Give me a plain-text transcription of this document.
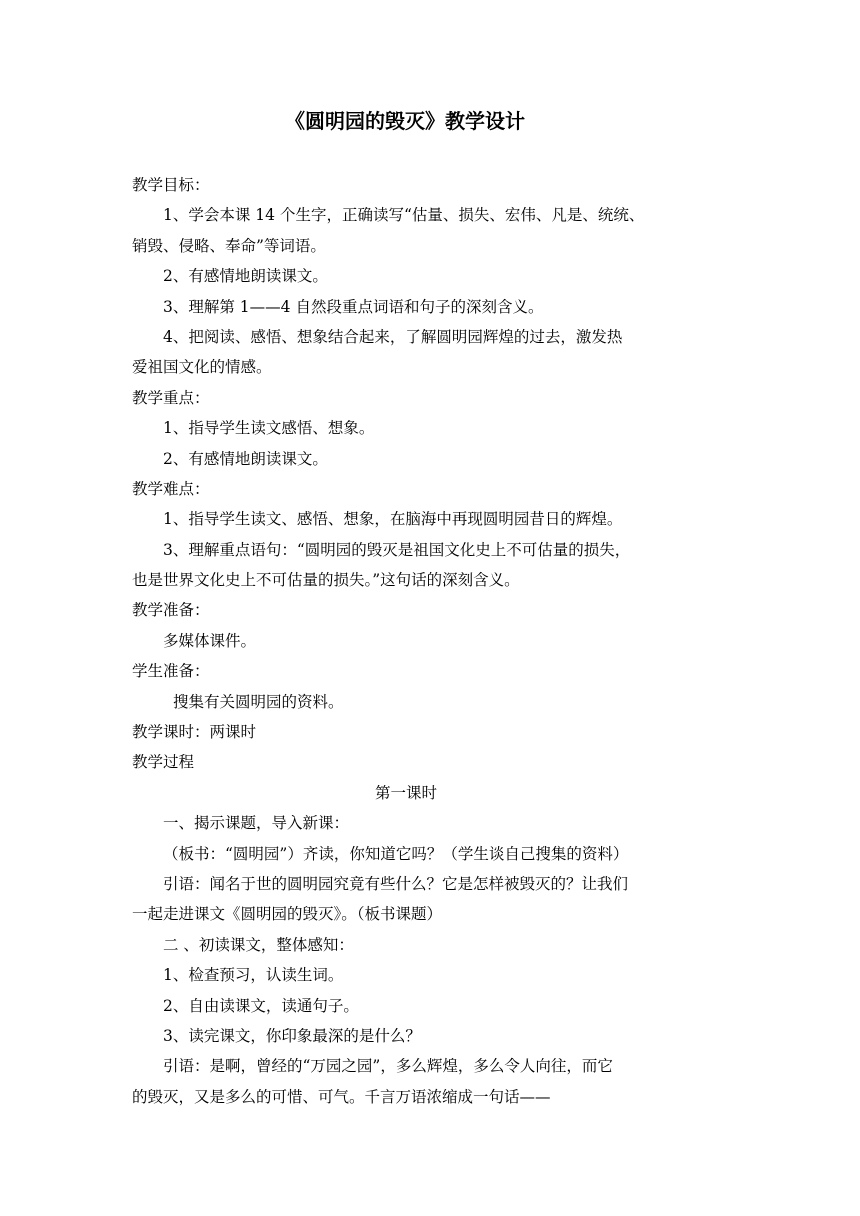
《圆明园的毁灭》教学设计
教学目标：
1、学会本课 14 个生字，正确读写“估量、损失、宏伟、凡是、统统、
销毁、侵略、奉命”等词语。
2、有感情地朗读课文。
3、理解第 1——4 自然段重点词语和句子的深刻含义。
4、把阅读、感悟、想象结合起来，了解圆明园辉煌的过去，激发热
爱祖国文化的情感。
教学重点：
1、指导学生读文感悟、想象。
2、有感情地朗读课文。
教学难点：
1、指导学生读文、感悟、想象，在脑海中再现圆明园昔日的辉煌。
3、理解重点语句：“圆明园的毁灭是祖国文化史上不可估量的损失，
也是世界文化史上不可估量的损失。”这句话的深刻含义。
教学准备：
多媒体课件。
学生准备：
搜集有关圆明园的资料。
教学课时：两课时
教学过程
第一课时
一、揭示课题，导入新课：
（板书：“圆明园”）齐读，你知道它吗？（学生谈自己搜集的资料）
引语：闻名于世的圆明园究竟有些什么？它是怎样被毁灭的？让我们
一起走进课文《圆明园的毁灭》。（板书课题）
二 、初读课文，整体感知：
1、检查预习，认读生词。
2、自由读课文，读通句子。
3、读完课文，你印象最深的是什么？
引语：是啊，曾经的“万园之园”，多么辉煌，多么令人向往，而它
的毁灭，又是多么的可惜、可气。千言万语浓缩成一句话——
